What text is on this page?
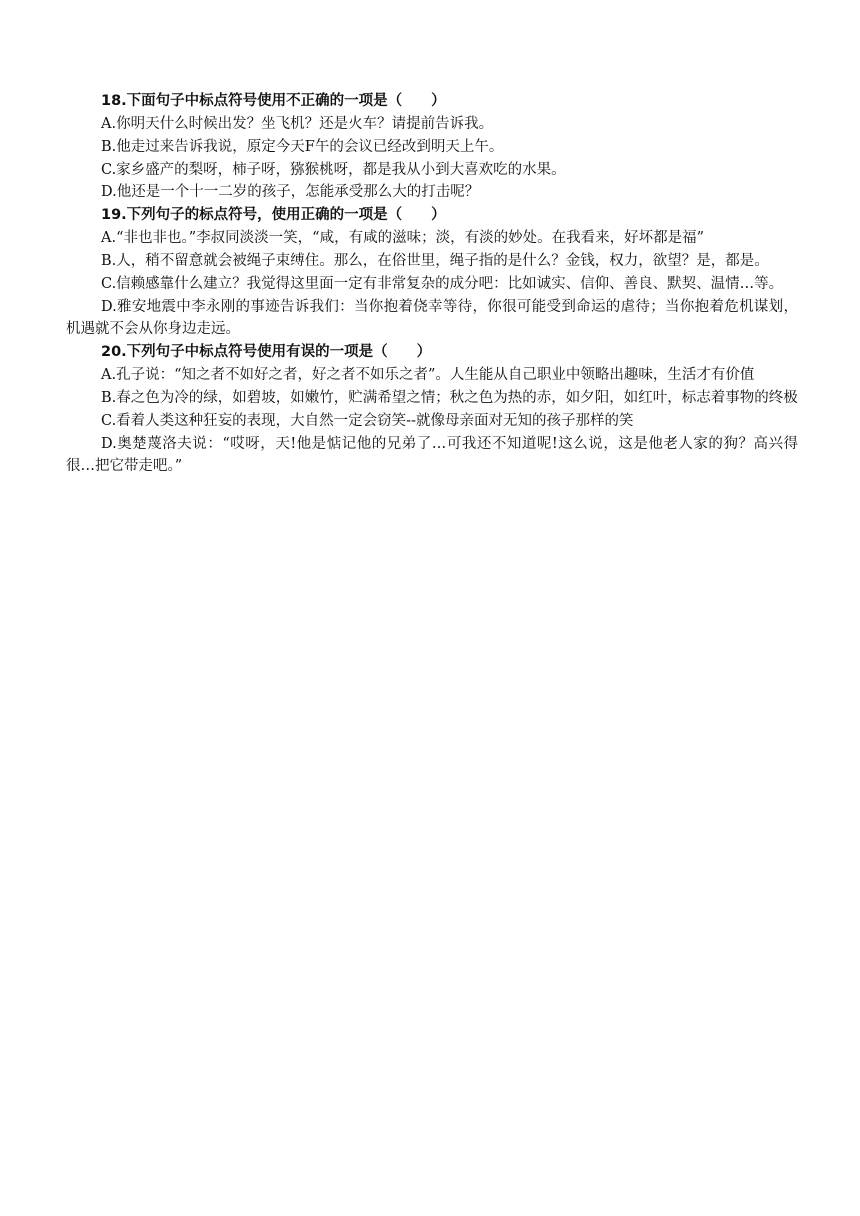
18.下面句子中标点符号使用不正确的一项是（　　）

A.你明天什么时候出发？坐飞机？还是火车？请提前告诉我。

B.他走过来告诉我说，原定今天F午的会议已经改到明天上午。

C.家乡盛产的梨呀，柿子呀，猕猴桃呀，都是我从小到大喜欢吃的水果。

D.他还是一个十一二岁的孩子，怎能承受那么大的打击呢？

19.下列句子的标点符号，使用正确的一项是（　　）

A.“非也非也。”李叔同淡淡一笑，“咸，有咸的滋味；淡，有淡的妙处。在我看来，好坏都是福”

B.人，稍不留意就会被绳子束缚住。那么，在俗世里，绳子指的是什么？金钱，权力，欲望？是，都是。

C.信赖感靠什么建立？我觉得这里面一定有非常复杂的成分吧：比如诚实、信仰、善良、默契、温情…等。

D.雅安地震中李永刚的事迹告诉我们：当你抱着侥幸等待，你很可能受到命运的虐待；当你抱着危机谋划，机遇就不会从你身边走远。

20.下列句子中标点符号使用有误的一项是（　　）

A.孔子说：“知之者不如好之者，好之者不如乐之者”。人生能从自己职业中领略出趣味，生活才有价值

B.春之色为冷的绿，如碧坡，如嫩竹，贮满希望之情；秋之色为热的赤，如夕阳，如红叶，标志着事物的终极

C.看着人类这种狂妄的表现，大自然一定会窃笑--就像母亲面对无知的孩子那样的笑

D.奥楚蔑洛夫说：“哎呀，天!他是惦记他的兄弟了…可我还不知道呢!这么说，这是他老人家的狗？高兴得很…把它带走吧。”
